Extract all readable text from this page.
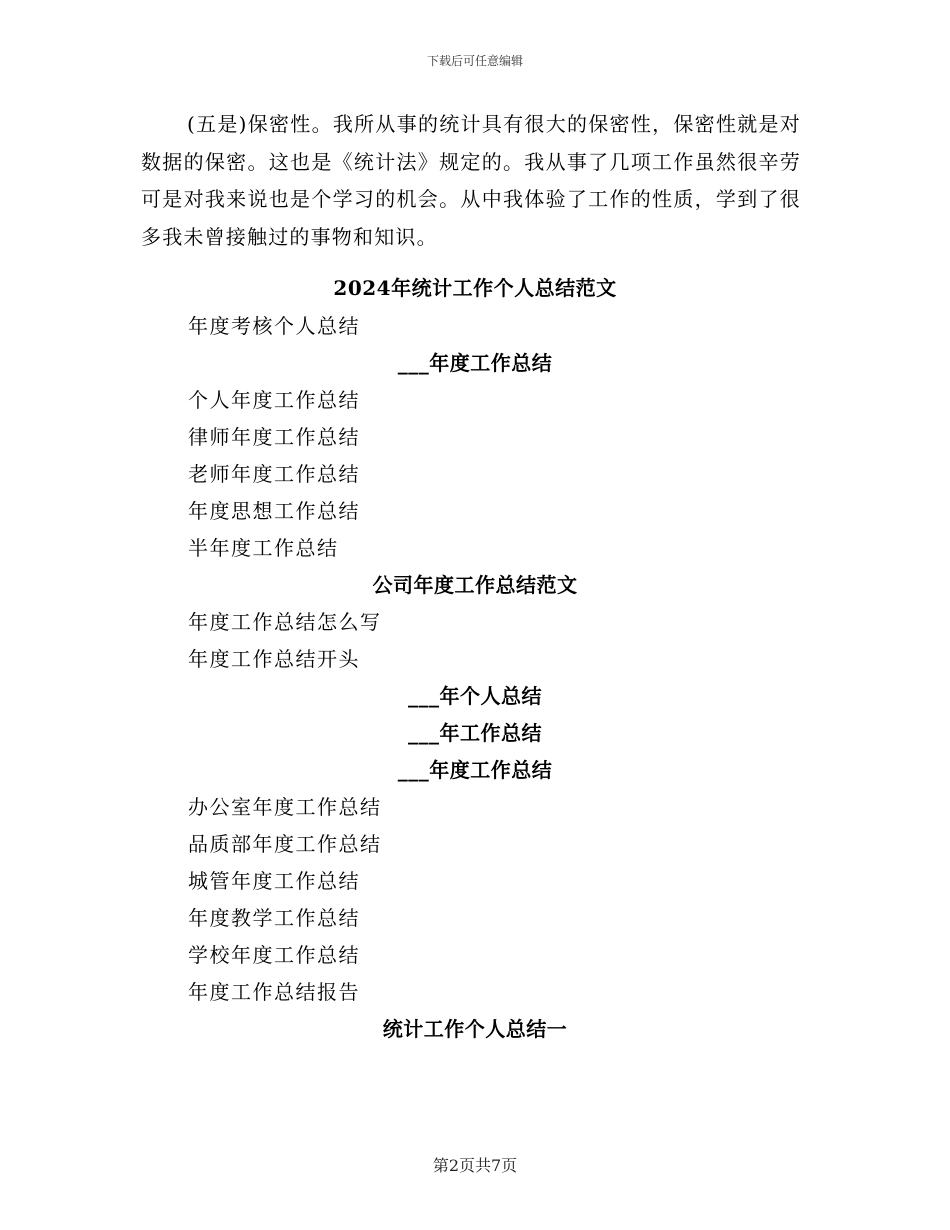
下载后可任意编辑

(五是)保密性。我所从事的统计具有很大的保密性，保密性就是对数据的保密。这也是《统计法》规定的。我从事了几项工作虽然很辛劳可是对我来说也是个学习的机会。从中我体验了工作的性质，学到了很多我未曾接触过的事物和知识。

2024年统计工作个人总结范文
年度考核个人总结
___年度工作总结
个人年度工作总结
律师年度工作总结
老师年度工作总结
年度思想工作总结
半年度工作总结
公司年度工作总结范文
年度工作总结怎么写
年度工作总结开头
___年个人总结
___年工作总结
___年度工作总结
办公室年度工作总结
品质部年度工作总结
城管年度工作总结
年度教学工作总结
学校年度工作总结
年度工作总结报告
统计工作个人总结一
第2页共7页
